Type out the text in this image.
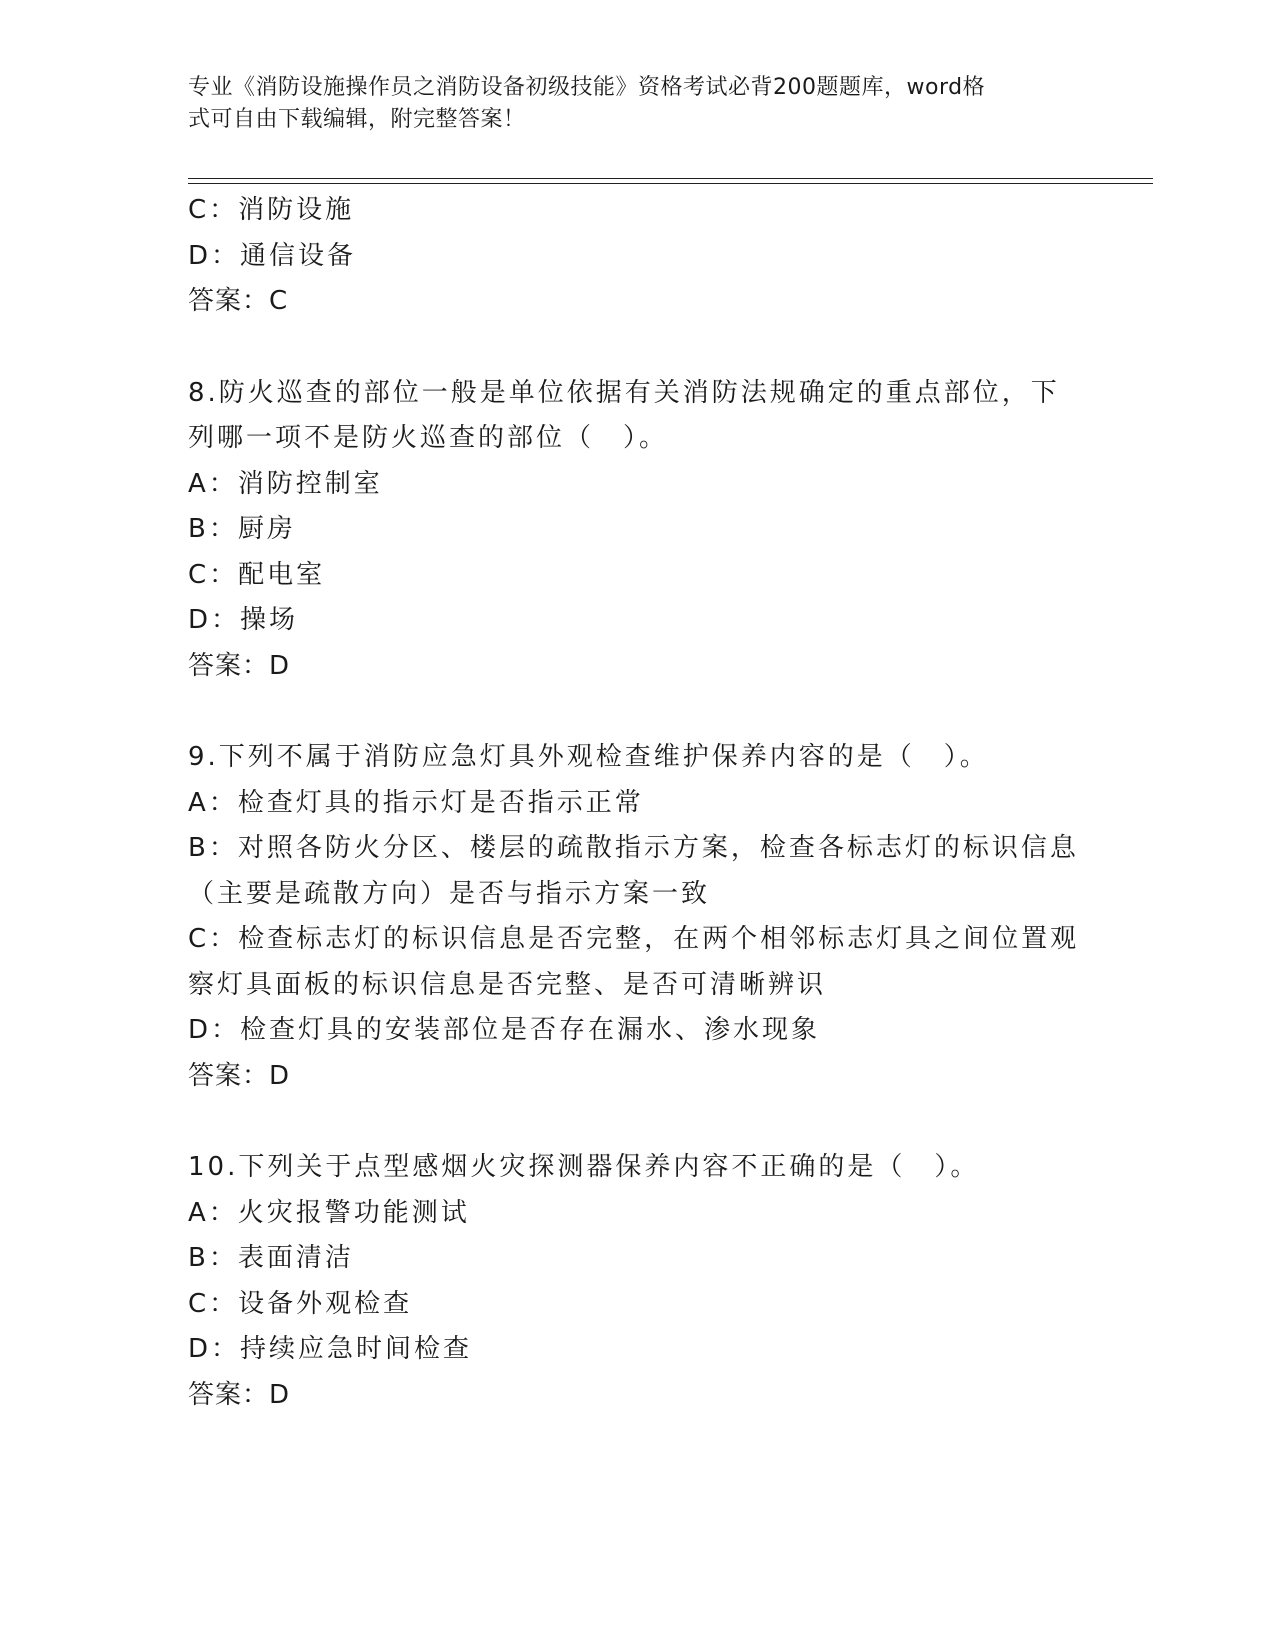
专业《消防设施操作员之消防设备初级技能》资格考试必背200题题库，word格
式可自由下载编辑，附完整答案！
C：消防设施
D：通信设备
答案：C
8.防火巡查的部位一般是单位依据有关消防法规确定的重点部位，下
列哪一项不是防火巡查的部位（　）。
A：消防控制室
B：厨房
C：配电室
D：操场
答案：D
9.下列不属于消防应急灯具外观检查维护保养内容的是（　）。
A：检查灯具的指示灯是否指示正常
B：对照各防火分区、楼层的疏散指示方案，检查各标志灯的标识信息
（主要是疏散方向）是否与指示方案一致
C：检查标志灯的标识信息是否完整，在两个相邻标志灯具之间位置观
察灯具面板的标识信息是否完整、是否可清晰辨识
D：检查灯具的安装部位是否存在漏水、渗水现象
答案：D
10.下列关于点型感烟火灾探测器保养内容不正确的是（　）。
A：火灾报警功能测试
B：表面清洁
C：设备外观检查
D：持续应急时间检查
答案：D
